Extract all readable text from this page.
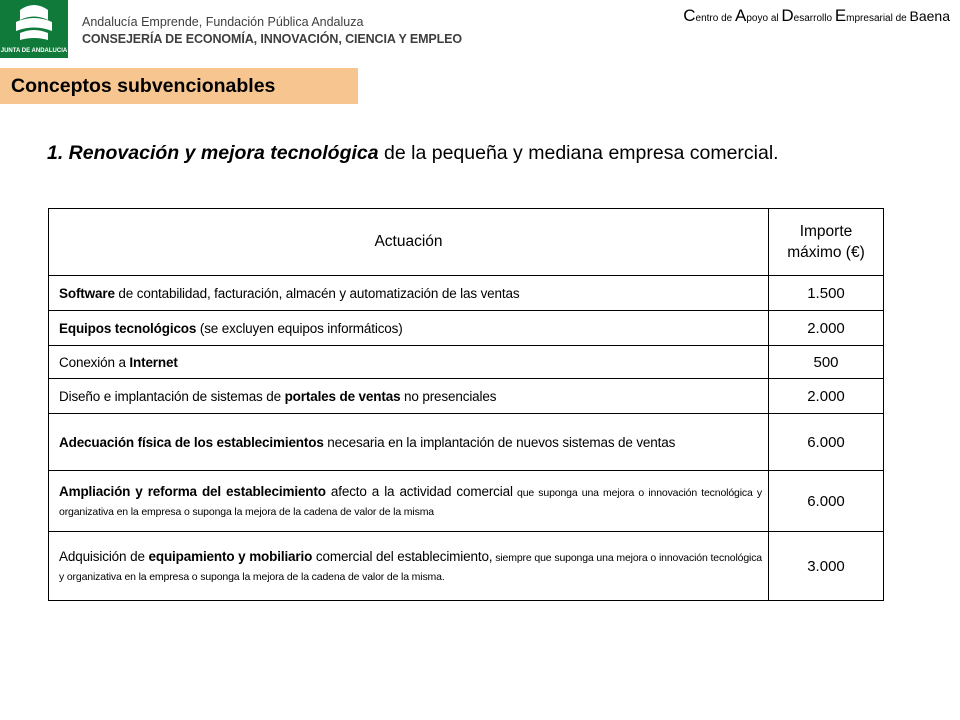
JUNTA DE ANDALUCIA
Andalucía Emprende, Fundación Pública Andaluza
CONSEJERÍA DE ECONOMÍA, INNOVACIÓN, CIENCIA Y EMPLEO
Centro de Apoyo al Desarrollo Empresarial de Baena
Conceptos subvencionables
1. Renovación y mejora tecnológica de la pequeña y mediana empresa comercial.
Actuación	Importe
máximo (€)
Software de contabilidad, facturación, almacén y automatización de las ventas	1.500
Equipos tecnológicos (se excluyen equipos informáticos)	2.000
Conexión a Internet	500
Diseño e implantación de sistemas de portales de ventas no presenciales	2.000
Adecuación física de los establecimientos necesaria en la implantación de nuevos sistemas de ventas	6.000
Ampliación y reforma del establecimiento afecto a la actividad comercial que suponga una mejora o innovación tecnológica y organizativa en la empresa o suponga la mejora de la cadena de valor de la misma	6.000
Adquisición de equipamiento y mobiliario comercial del establecimiento, siempre que suponga una mejora o innovación tecnológica y organizativa en la empresa o suponga la mejora de la cadena de valor de la misma.	3.000
